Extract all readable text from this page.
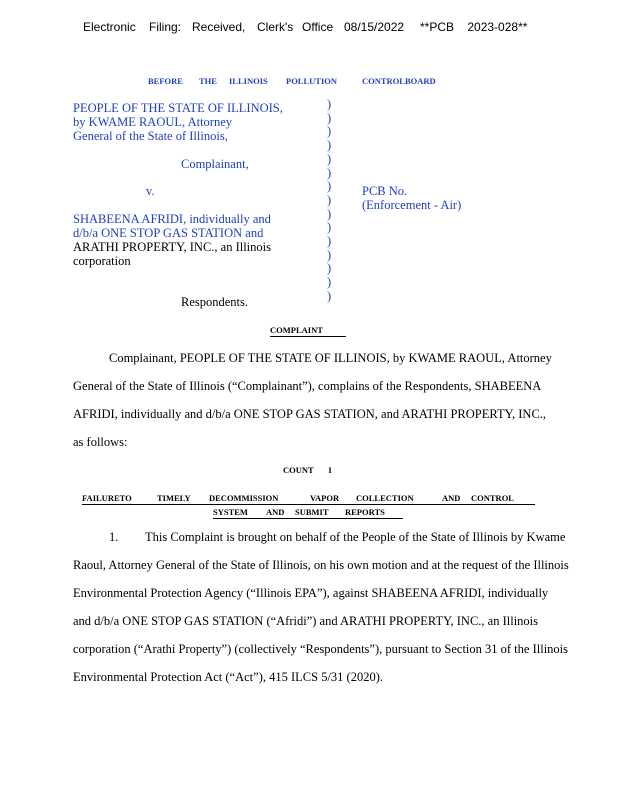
Electronic Filing: Received, Clerk's Office 08/15/2022 **PCB    2023-028**
BEFORE THE ILLINOIS POLLUTION	CONTROLBOARD
PEOPLE OF THE STATE OF ILLINOIS,
by KWAME RAOUL, Attorney
General of the State of Illinois,
Complainant,
v.
SHABEENA AFRIDI, individually and
d/b/a ONE STOP GAS STATION and
ARATHI PROPERTY, INC., an Illinois
corporation
Respondents.
)
)
)
)
)
)
)
)
)
)
)
)
)
)
)
PCB No.
(Enforcement - Air)
COMPLAINT
Complainant, PEOPLE OF THE STATE OF ILLINOIS, by KWAME RAOUL, Attorney
General of the State of Illinois (“Complainant”), complains of the Respondents, SHABEENA
AFRIDI, individually and d/b/a ONE STOP GAS STATION, and ARATHI PROPERTY, INC.,
as follows:
COUNT       I
FAILURETO	TIMELY DECOMMISSION	VAPOR COLLECTION	AND CONTROL
SYSTEM AND SUBMIT REPORTS
1. This Complaint is brought on behalf of the People of the State of Illinois by Kwame
Raoul, Attorney General of the State of Illinois, on his own motion and at the request of the Illinois
Environmental Protection Agency (“Illinois EPA”), against SHABEENA AFRIDI, individually
and d/b/a ONE STOP GAS STATION (“Afridi”) and ARATHI PROPERTY, INC., an Illinois
corporation (“Arathi Property”) (collectively “Respondents”), pursuant to Section 31 of the Illinois
Environmental Protection Act (“Act”), 415 ILCS 5/31 (2020).
